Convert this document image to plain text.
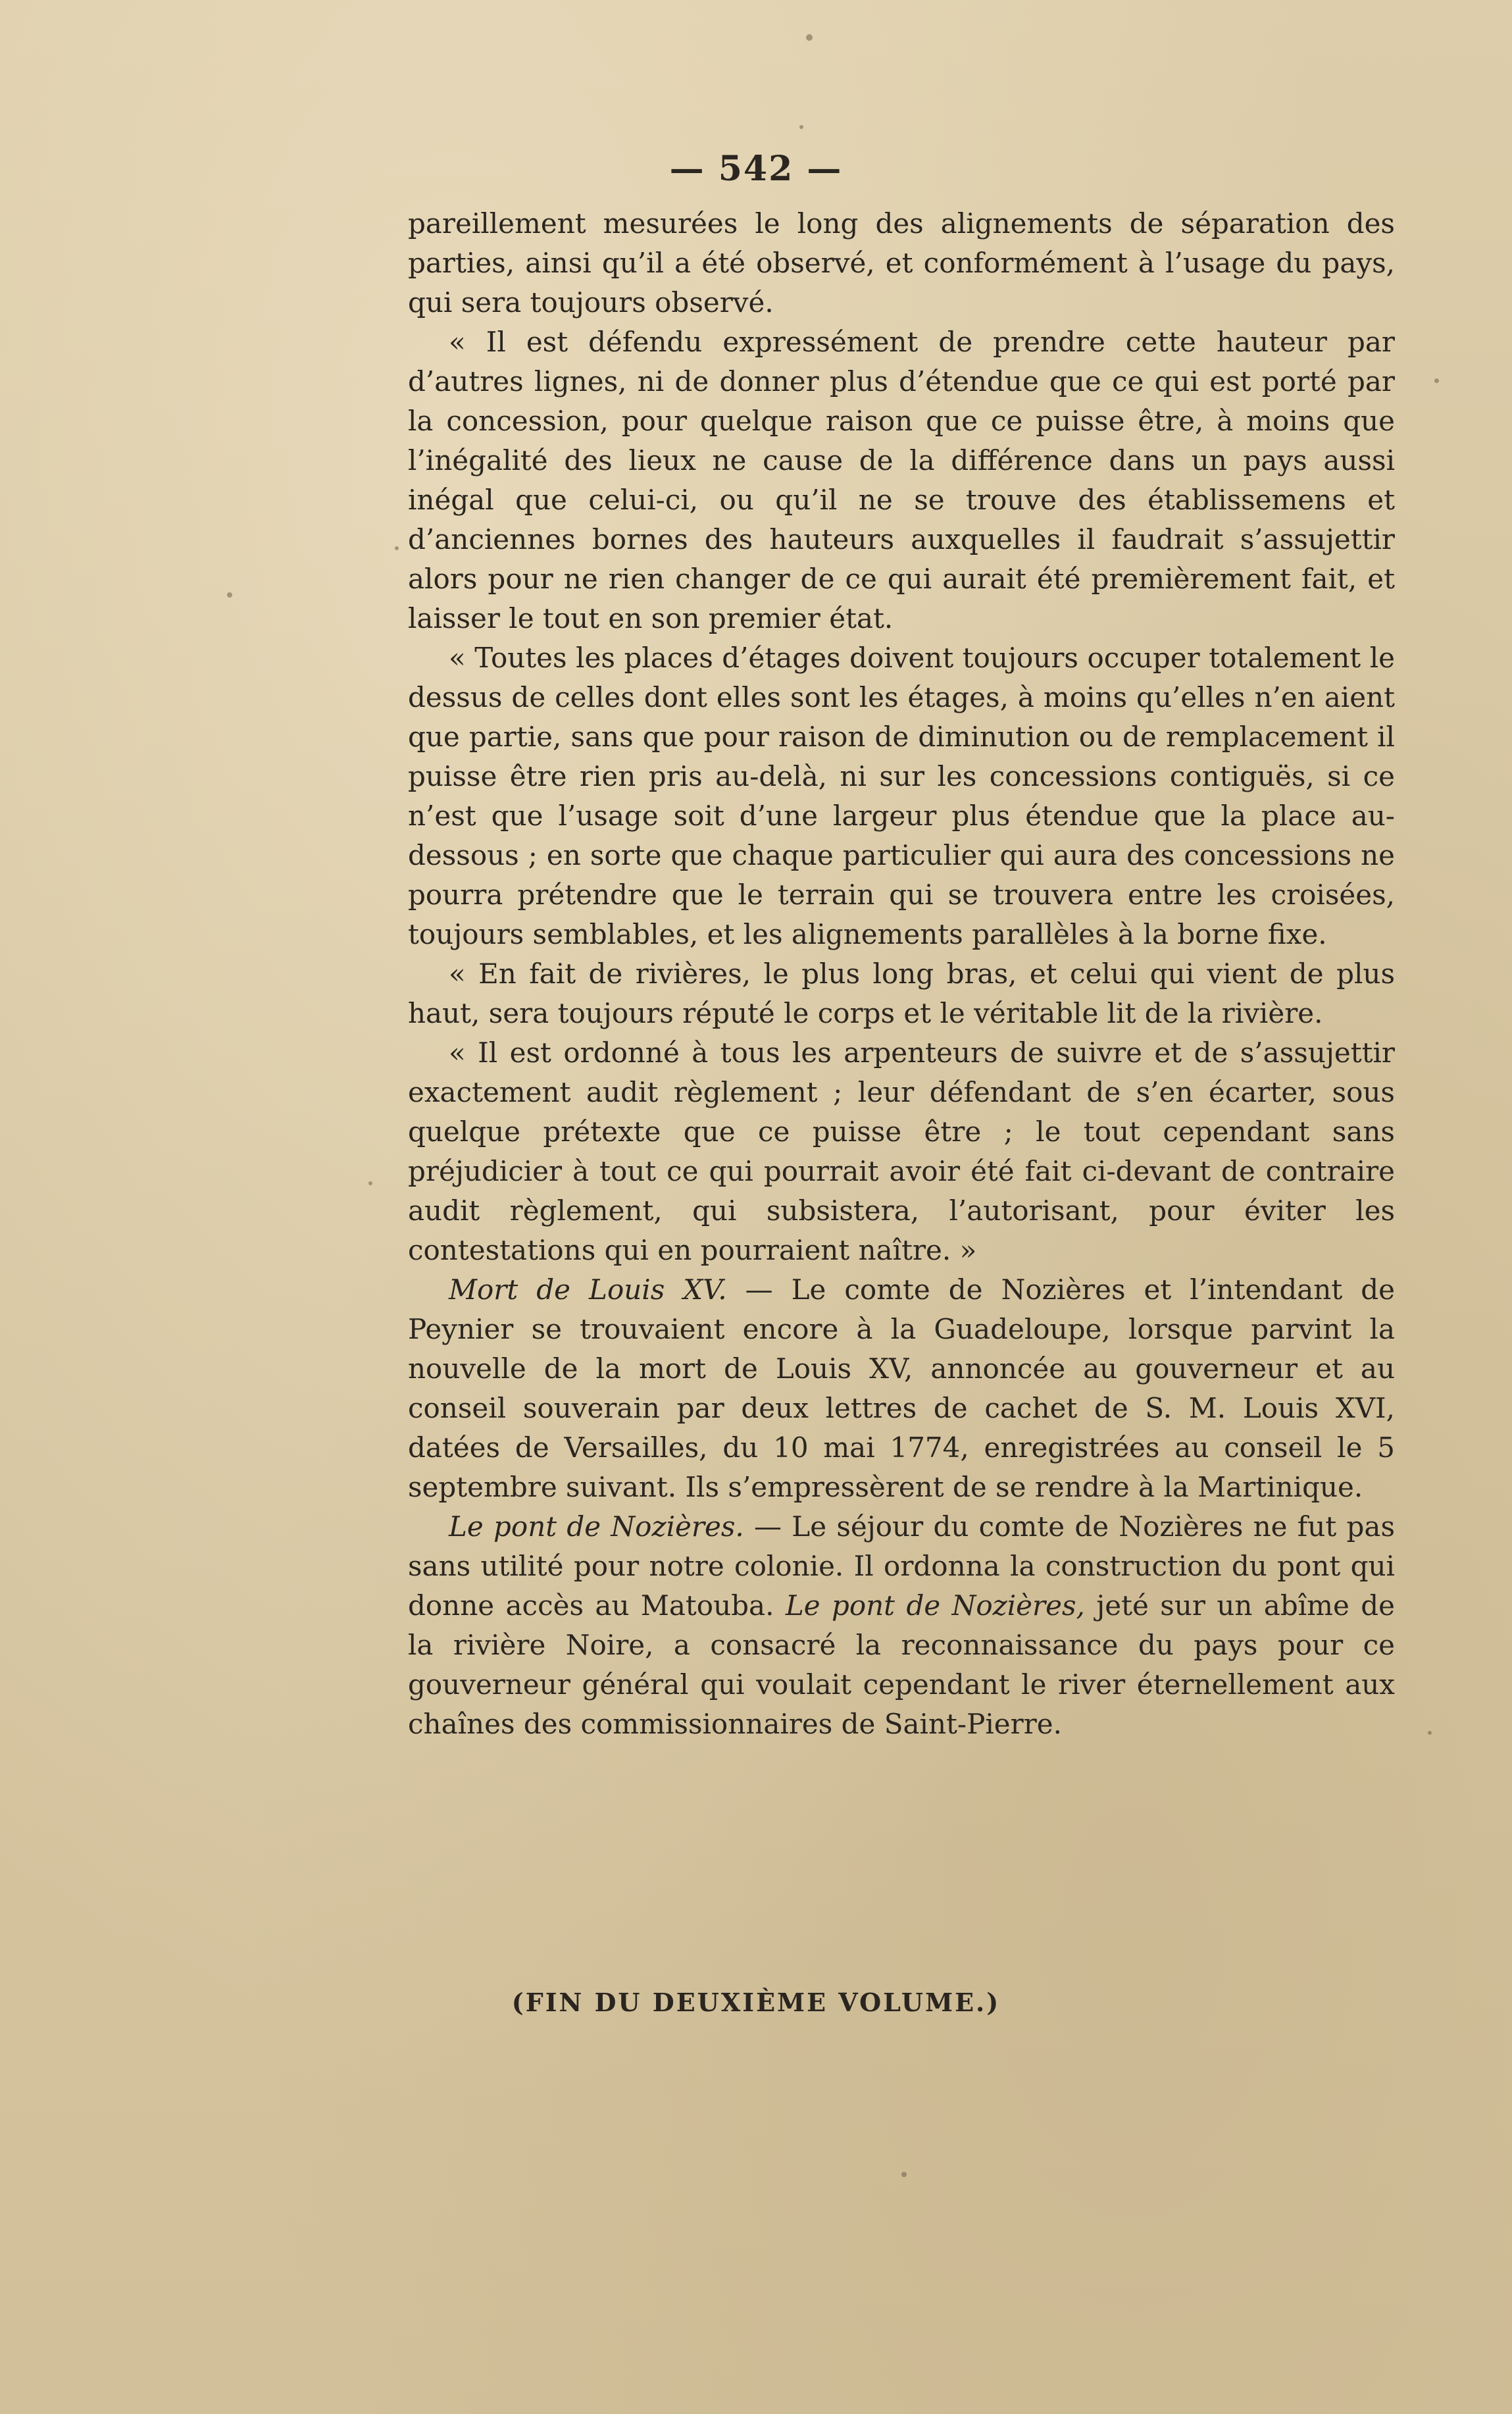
— 542 —

pareillement mesurées le long des alignements de séparation des parties, ainsi qu’il a été observé, et conformément à l’usage du pays, qui sera toujours observé.

« Il est défendu expressément de prendre cette hauteur par d’autres lignes, ni de donner plus d’étendue que ce qui est porté par la concession, pour quelque raison que ce puisse être, à moins que l’inégalité des lieux ne cause de la différence dans un pays aussi inégal que celui-ci, ou qu’il ne se trouve des établissemens et d’anciennes bornes des hauteurs auxquelles il faudrait s’assujettir alors pour ne rien changer de ce qui aurait été premièrement fait, et laisser le tout en son premier état.

« Toutes les places d’étages doivent toujours occuper totalement le dessus de celles dont elles sont les étages, à moins qu’elles n’en aient que partie, sans que pour raison de diminution ou de remplacement il puisse être rien pris au-delà, ni sur les concessions contiguës, si ce n’est que l’usage soit d’une largeur plus étendue que la place au-dessous ; en sorte que chaque particulier qui aura des concessions ne pourra prétendre que le terrain qui se trouvera entre les croisées, toujours semblables, et les alignements parallèles à la borne fixe.

« En fait de rivières, le plus long bras, et celui qui vient de plus haut, sera toujours réputé le corps et le véritable lit de la rivière.

« Il est ordonné à tous les arpenteurs de suivre et de s’assujettir exactement audit règlement ; leur défendant de s’en écarter, sous quelque prétexte que ce puisse être ; le tout cependant sans préjudicier à tout ce qui pourrait avoir été fait ci-devant de contraire audit règlement, qui subsistera, l’autorisant, pour éviter les contestations qui en pourraient naître. »

Mort de Louis XV. — Le comte de Nozières et l’intendant de Peynier se trouvaient encore à la Guadeloupe, lorsque parvint la nouvelle de la mort de Louis XV, annoncée au gouverneur et au conseil souverain par deux lettres de cachet de S. M. Louis XVI, datées de Versailles, du 10 mai 1774, enregistrées au conseil le 5 septembre suivant. Ils s’empressèrent de se rendre à la Martinique.

Le pont de Nozières. — Le séjour du comte de Nozières ne fut pas sans utilité pour notre colonie. Il ordonna la construction du pont qui donne accès au Matouba. Le pont de Nozières, jeté sur un abîme de la rivière Noire, a consacré la reconnaissance du pays pour ce gouverneur général qui voulait cependant le river éternellement aux chaînes des commissionnaires de Saint-Pierre.

(FIN DU DEUXIÈME VOLUME.)
